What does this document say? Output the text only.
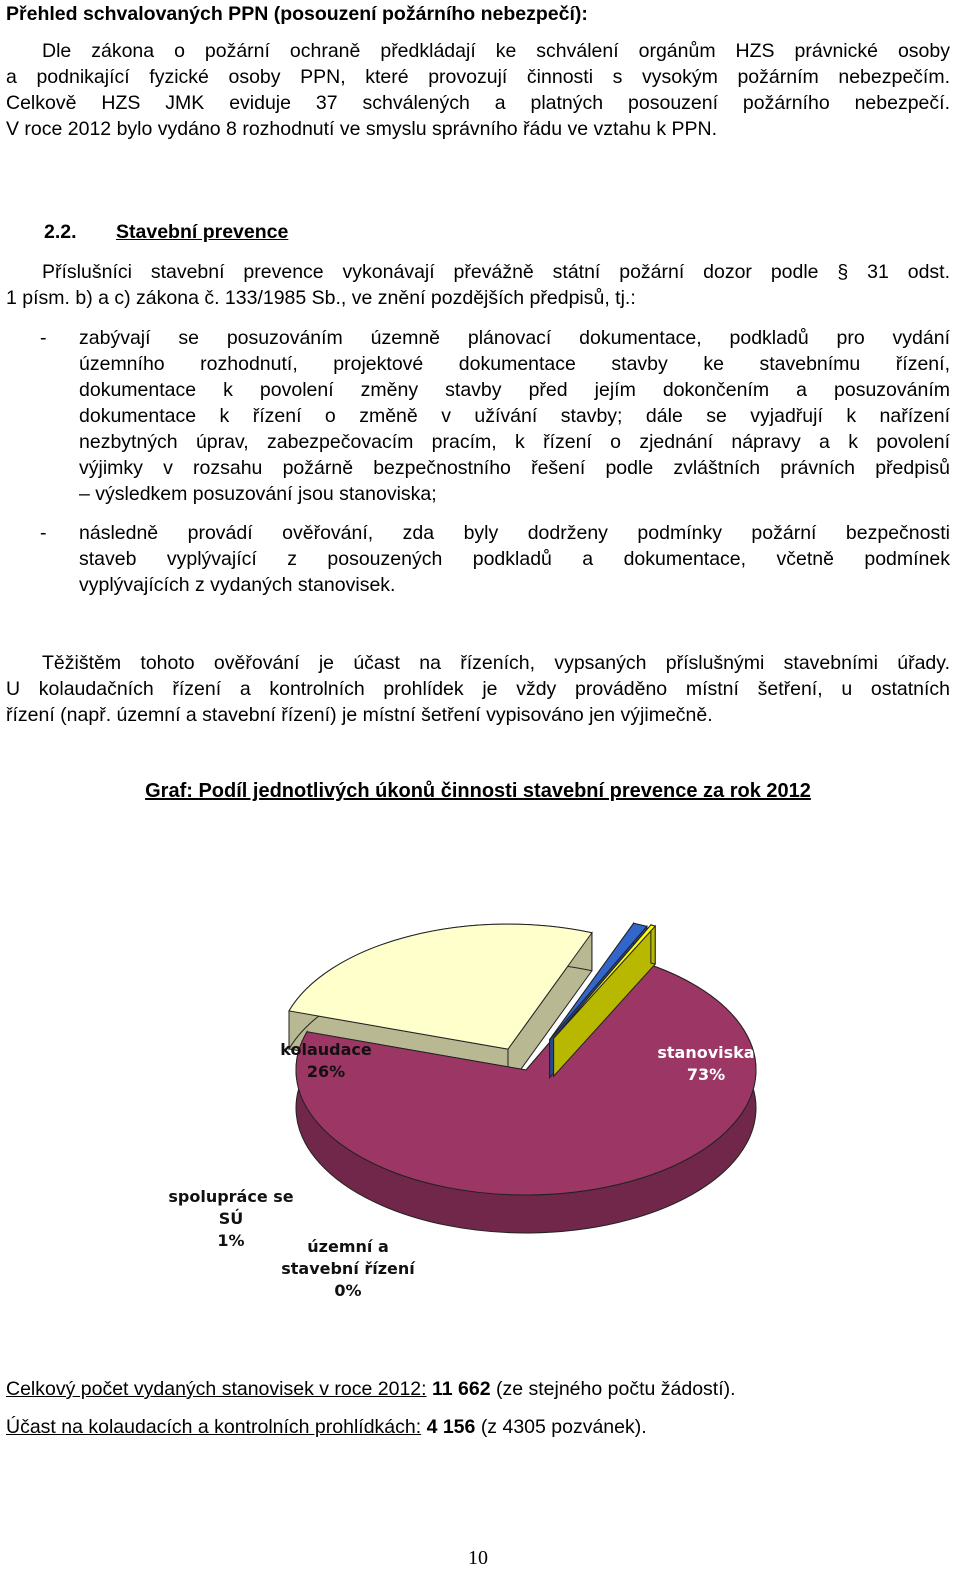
Přehled schvalovaných PPN (posouzení požárního nebezpečí):
Dle zákona o požární ochraně předkládají ke schválení orgánům HZS právnické osoby
a podnikající fyzické osoby PPN, které provozují činnosti s vysokým požárním nebezpečím.
Celkově HZS JMK eviduje 37 schválených a platných posouzení požárního nebezpečí.
V roce 2012 bylo vydáno 8 rozhodnutí ve smyslu správního řádu ve vztahu k PPN.
2.2. Stavební prevence
Příslušníci stavební prevence vykonávají převážně státní požární dozor podle § 31 odst.
1 písm. b) a c) zákona č. 133/1985 Sb., ve znění pozdějších předpisů, tj.:
- zabývají se posuzováním územně plánovací dokumentace, podkladů pro vydání
územního rozhodnutí, projektové dokumentace stavby ke stavebnímu řízení,
dokumentace k povolení změny stavby před jejím dokončením a posuzováním
dokumentace k řízení o změně v užívání stavby; dále se vyjadřují k nařízení
nezbytných úprav, zabezpečovacím pracím, k řízení o zjednání nápravy a k povolení
výjimky v rozsahu požárně bezpečnostního řešení podle zvláštních právních předpisů
– výsledkem posuzování jsou stanoviska;
- následně provádí ověřování, zda byly dodrženy podmínky požární bezpečnosti
staveb vyplývající z posouzených podkladů a dokumentace, včetně podmínek
vyplývajících z vydaných stanovisek.
Těžištěm tohoto ověřování je účast na řízeních, vypsaných příslušnými stavebními úřady.
U kolaudačních řízení a kontrolních prohlídek je vždy prováděno místní šetření, u ostatních
řízení (např. územní a stavební řízení) je místní šetření vypisováno jen výjimečně.
Graf: Podíl jednotlivých úkonů činnosti stavební prevence za rok 2012
stanoviska 73%
kolaudace 26%
spolupráce se SÚ 1%	územní a stavební řízení 0%
Celkový počet vydaných stanovisek v roce 2012: 11 662 (ze stejného počtu žádostí).
Účast na kolaudacích a kontrolních prohlídkách: 4 156 (z 4305 pozvánek).
10
